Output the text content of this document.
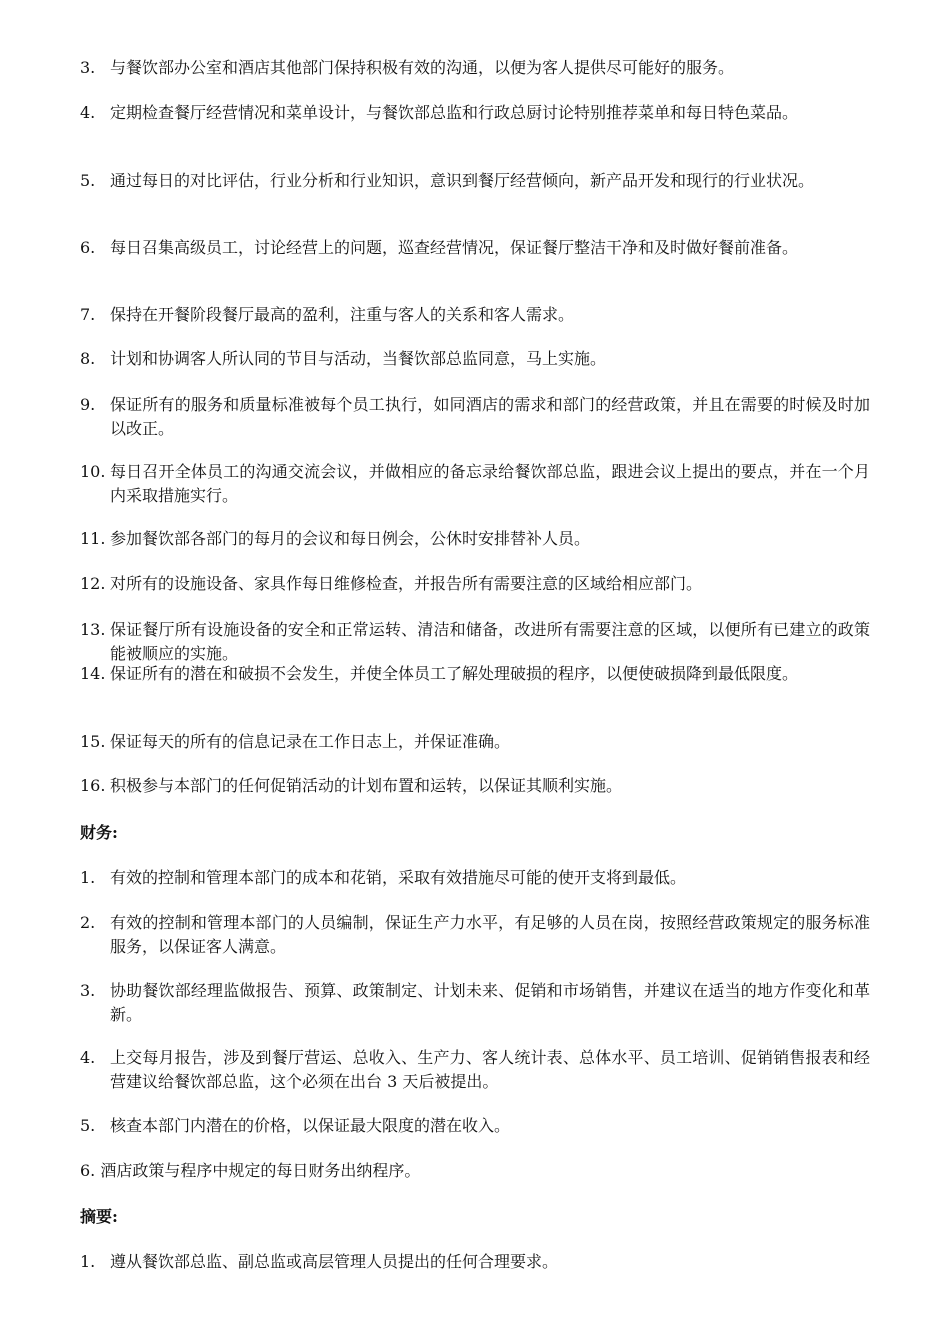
3. 与餐饮部办公室和酒店其他部门保持积极有效的沟通，以便为客人提供尽可能好的服务。
4. 定期检查餐厅经营情况和菜单设计，与餐饮部总监和行政总厨讨论特别推荐菜单和每日特色菜品。
5. 通过每日的对比评估，行业分析和行业知识，意识到餐厅经营倾向，新产品开发和现行的行业状况。
6. 每日召集高级员工，讨论经营上的问题，巡查经营情况，保证餐厅整洁干净和及时做好餐前准备。
7. 保持在开餐阶段餐厅最高的盈利，注重与客人的关系和客人需求。
8. 计划和协调客人所认同的节目与活动，当餐饮部总监同意，马上实施。
9. 保证所有的服务和质量标准被每个员工执行，如同酒店的需求和部门的经营政策，并且在需要的时候及时加以改正。
10. 每日召开全体员工的沟通交流会议，并做相应的备忘录给餐饮部总监，跟进会议上提出的要点，并在一个月内采取措施实行。
11. 参加餐饮部各部门的每月的会议和每日例会，公休时安排替补人员。
12. 对所有的设施设备、家具作每日维修检查，并报告所有需要注意的区域给相应部门。
13. 保证餐厅所有设施设备的安全和正常运转、清洁和储备，改进所有需要注意的区域，以便所有已建立的政策能被顺应的实施。
14. 保证所有的潜在和破损不会发生，并使全体员工了解处理破损的程序，以便使破损降到最低限度。
15. 保证每天的所有的信息记录在工作日志上，并保证准确。
16. 积极参与本部门的任何促销活动的计划布置和运转，以保证其顺利实施。
财务:
1. 有效的控制和管理本部门的成本和花销，采取有效措施尽可能的使开支将到最低。
2. 有效的控制和管理本部门的人员编制，保证生产力水平，有足够的人员在岗，按照经营政策规定的服务标准服务，以保证客人满意。
3. 协助餐饮部经理监做报告、预算、政策制定、计划未来、促销和市场销售，并建议在适当的地方作变化和革新。
4. 上交每月报告，涉及到餐厅营运、总收入、生产力、客人统计表、总体水平、员工培训、促销销售报表和经营建议给餐饮部总监，这个必须在出台 3 天后被提出。
5. 核查本部门内潜在的价格，以保证最大限度的潜在收入。
6. 酒店政策与程序中规定的每日财务出纳程序。
摘要:
1. 遵从餐饮部总监、副总监或高层管理人员提出的任何合理要求。
